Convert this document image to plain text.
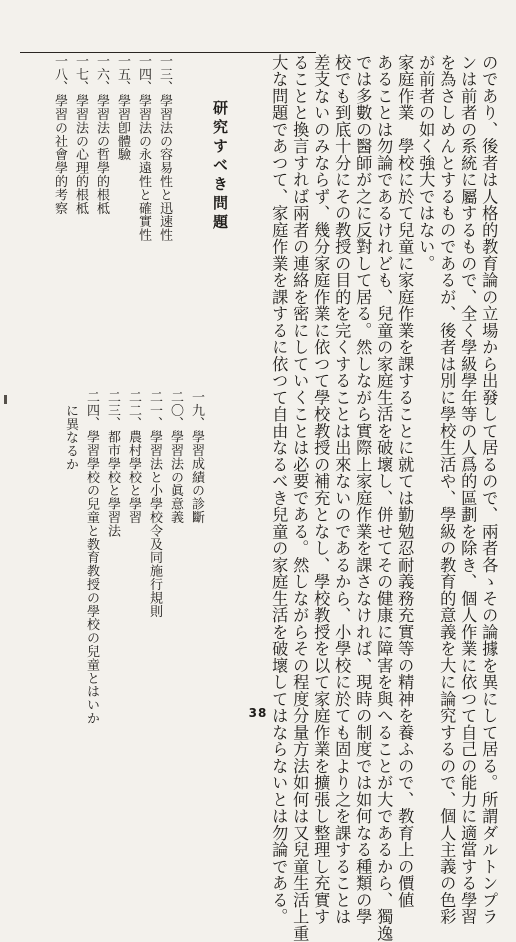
のであり、後者は人格的教育論の立場から出發して居るので、兩者各ゝその論據を異にして居る。所謂ダルトンプラ
ンは前者の系統に屬するもので、全く學級學年等の人爲的區劃を除き、個人作業に依つて自己の能力に適當する學習
を為さしめんとするものであるが、後者は別に學校生活や、學級の教育的意義を大に論究するので、個人主義の色彩
が前者の如く強大ではない。
家庭作業　學校に於て兒童に家庭作業を課することに就ては勤勉忍耐義務充實等の精神を養ふので、教育上の價値
あることは勿論であるけれども、兒童の家庭生活を破壞し、併せてその健康に障害を與へることが大であるから、獨逸
では多數の醫師が之に反對して居る。然しながら實際上家庭作業を課さなければ、現時の制度では如何なる種類の學
校でも到底十分にその教授の目的を完くすることは出來ないのであるから、小學校に於ても固より之を課することは
差支ないのみならず、幾分家庭作業に依つて學校教授の補充となし、學校教授を以て家庭作業を擴張し整理し充實す
ることと換言すれば兩者の連絡を密にしていくことは必要である。然しながらその程度分量方法如何は又兒童生活上重
大な問題であつて、家庭作業を課するに依つて自由なるべき兒童の家庭生活を破壞してはならないとは勿論である。
研究すべき問題
一三、學習法の容易性と迅速性
一四、學習法の永遠性と確實性
一五、學習卽體驗
一六、學習法の哲學的根柢
一七、學習法の心理的根柢
一八、學習の社會學的考察
一九、學習成績の診斷
二〇、學習法の眞意義
二一、學習法と小學校令及同施行規則
二二、農村學校と學習
二三、都市學校と學習法
二四、學習學校の兒童と教育教授の學校の兒童とはいか
に異なるか
38
